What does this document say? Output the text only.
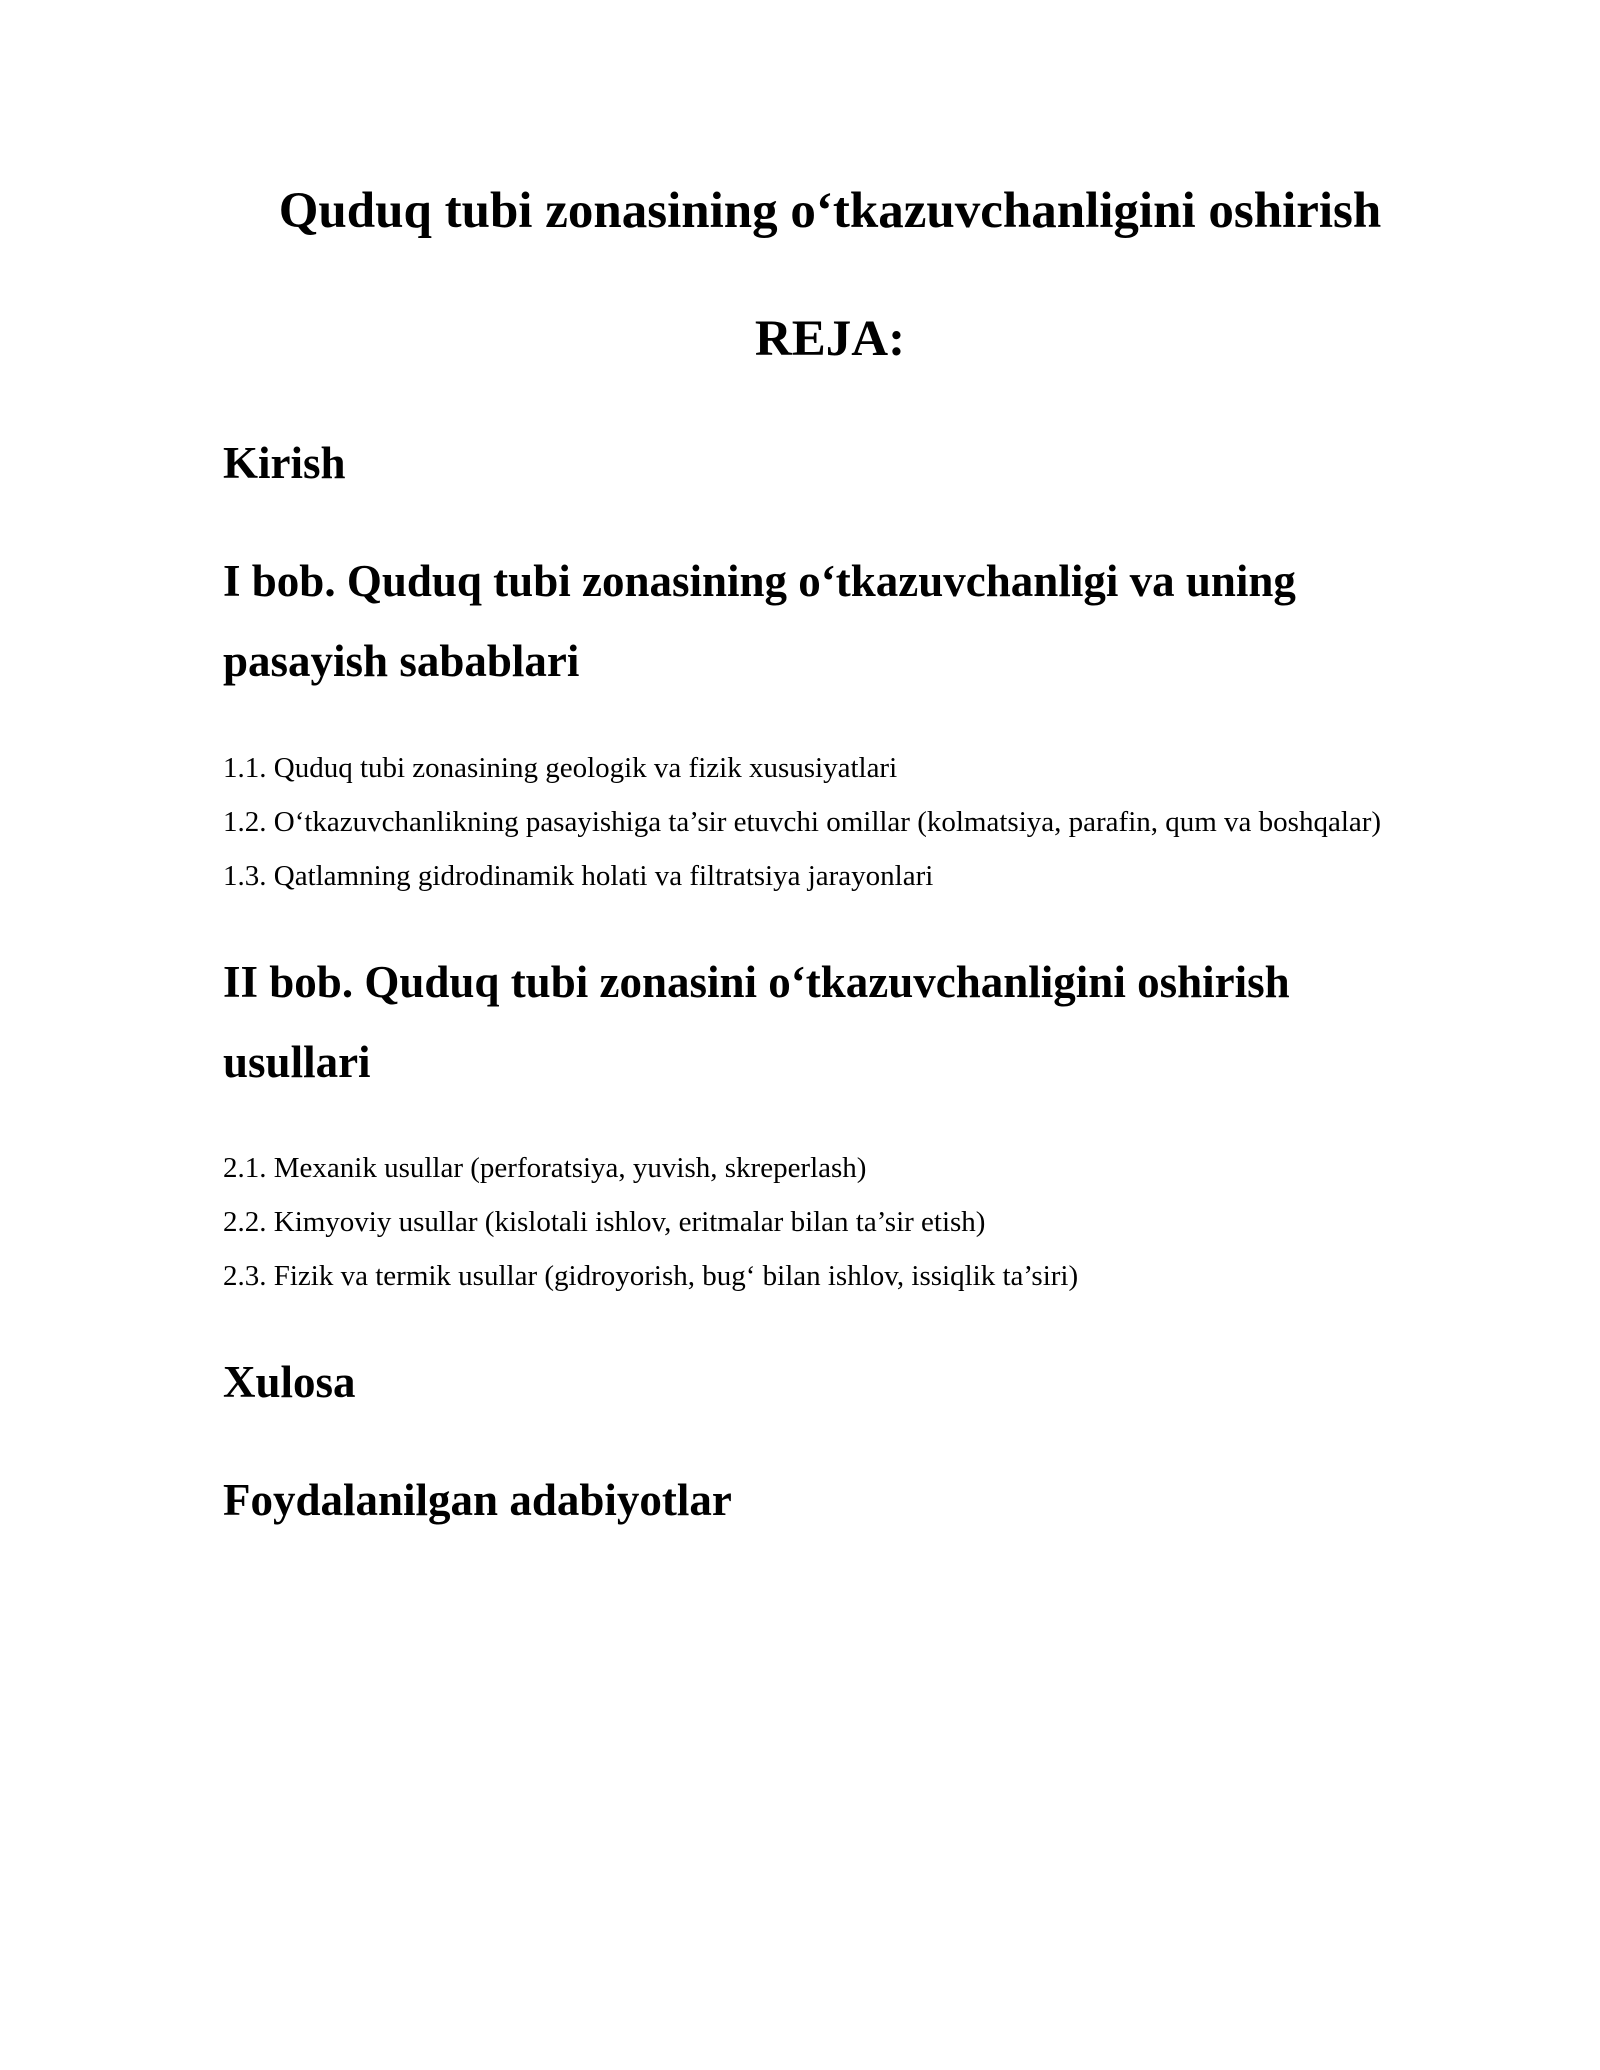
Quduq tubi zonasining o‘tkazuvchanligini oshirish
REJA:
Kirish
I bob. Quduq tubi zonasining o‘tkazuvchanligi va uning
pasayish sabablari

1.1. Quduq tubi zonasining geologik va fizik xususiyatlari

1.2. O‘tkazuvchanlikning pasayishiga ta’sir etuvchi omillar (kolmatsiya, parafin, qum va boshqalar)

1.3. Qatlamning gidrodinamik holati va filtratsiya jarayonlari

II bob. Quduq tubi zonasini o‘tkazuvchanligini oshirish
usullari

2.1. Mexanik usullar (perforatsiya, yuvish, skreperlash)

2.2. Kimyoviy usullar (kislotali ishlov, eritmalar bilan ta’sir etish)

2.3. Fizik va termik usullar (gidroyorish, bug‘ bilan ishlov, issiqlik ta’siri)

Xulosa
Foydalanilgan adabiyotlar
